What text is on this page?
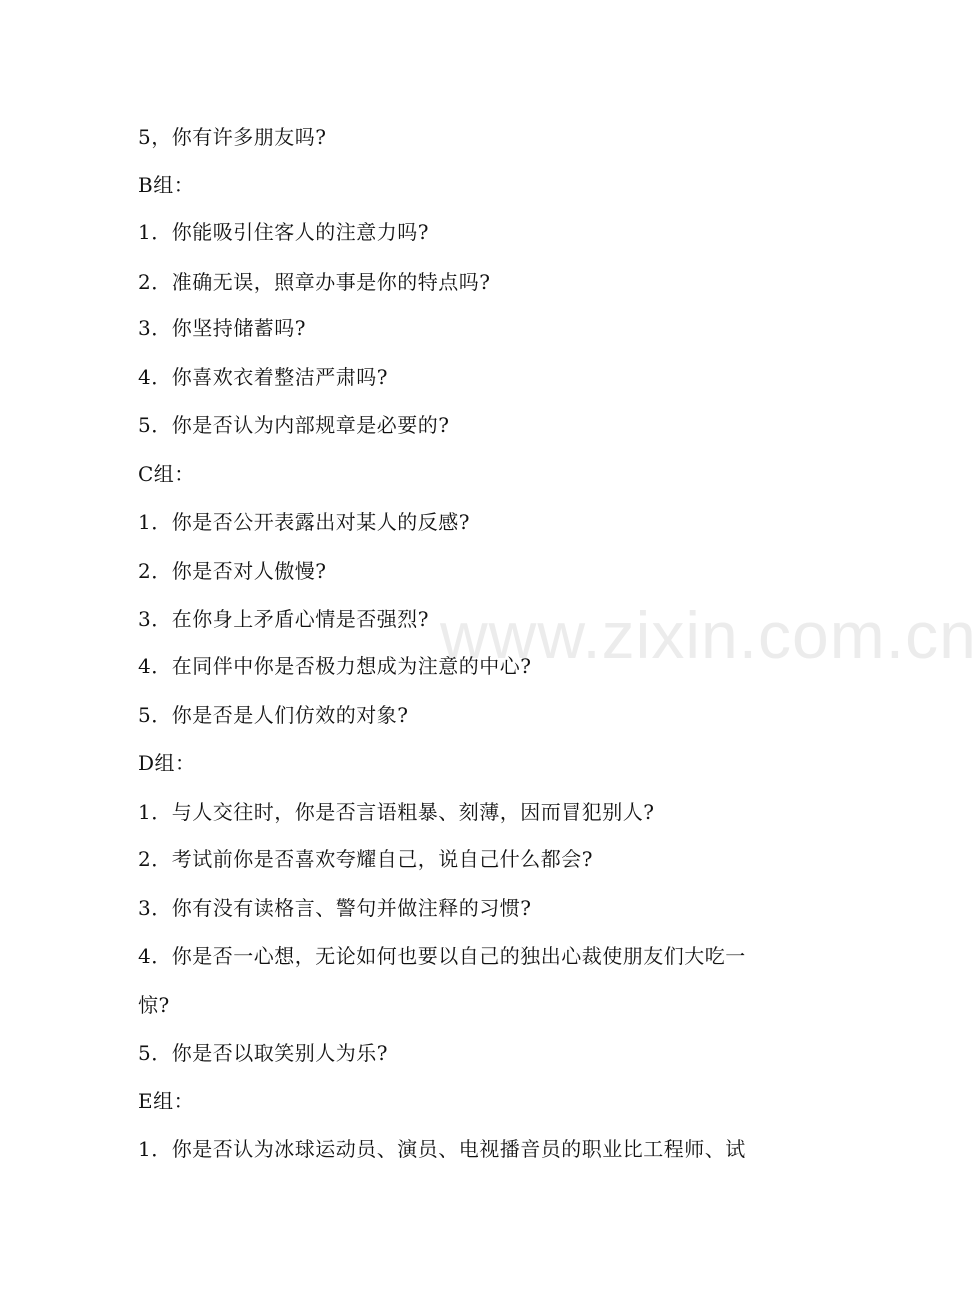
www.zixin.com.cn
5，你有许多朋友吗?
B组：
1．你能吸引住客人的注意力吗?
2．准确无误，照章办事是你的特点吗?
3．你坚持储蓄吗?
4．你喜欢衣着整洁严肃吗?
5．你是否认为内部规章是必要的?
C组：
1．你是否公开表露出对某人的反感?
2．你是否对人傲慢?
3．在你身上矛盾心情是否强烈?
4．在同伴中你是否极力想成为注意的中心?
5．你是否是人们仿效的对象?
D组：
1．与人交往时，你是否言语粗暴、刻薄，因而冒犯别人?
2．考试前你是否喜欢夸耀自己，说自己什么都会?
3．你有没有读格言、警句并做注释的习惯?
4．你是否一心想，无论如何也要以自己的独出心裁使朋友们大吃一
惊?
5．你是否以取笑别人为乐?
E组：
1．你是否认为冰球运动员、演员、电视播音员的职业比工程师、试
